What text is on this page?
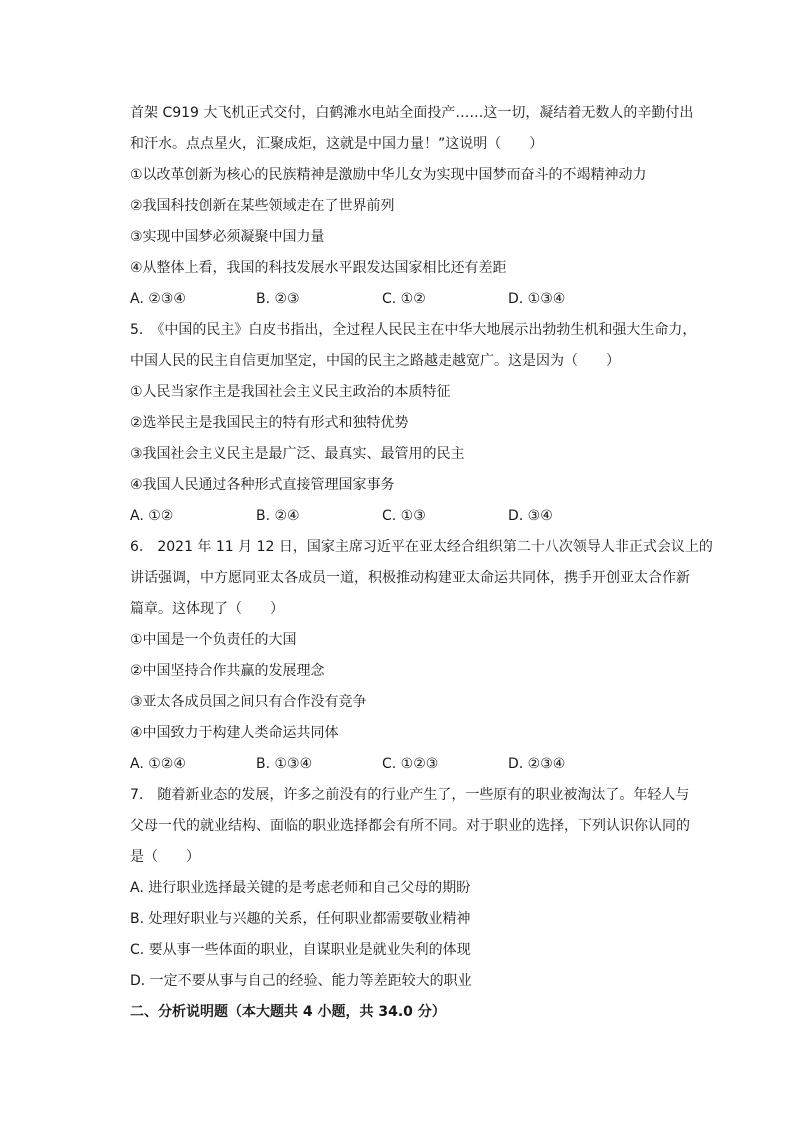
首架 C919 大飞机正式交付，白鹤滩水电站全面投产……这一切，凝结着无数人的辛勤付出
和汗水。点点星火，汇聚成炬，这就是中国力量！”这说明（　　）
①以改革创新为核心的民族精神是激励中华儿女为实现中国梦而奋斗的不竭精神动力
②我国科技创新在某些领域走在了世界前列
③实现中国梦必须凝聚中国力量
④从整体上看，我国的科技发展水平跟发达国家相比还有差距
A. ②③④	B. ②③	C. ①②	D. ①③④
5.　《中国的民主》白皮书指出，全过程人民民主在中华大地展示出勃勃生机和强大生命力，
中国人民的民主自信更加坚定，中国的民主之路越走越宽广。这是因为（　　）
①人民当家作主是我国社会主义民主政治的本质特征
②选举民主是我国民主的特有形式和独特优势
③我国社会主义民主是最广泛、最真实、最管用的民主
④我国人民通过各种形式直接管理国家事务
A. ①②	B. ②④	C. ①③	D. ③④
6.　2021 年 11 月 12 日，国家主席习近平在亚太经合组织第二十八次领导人非正式会议上的
讲话强调，中方愿同亚太各成员一道，积极推动构建亚太命运共同体，携手开创亚太合作新
篇章。这体现了（　　）
①中国是一个负责任的大国
②中国坚持合作共赢的发展理念
③亚太各成员国之间只有合作没有竞争
④中国致力于构建人类命运共同体
A. ①②④	B. ①③④	C. ①②③	D. ②③④
7.　随着新业态的发展，许多之前没有的行业产生了，一些原有的职业被淘汰了。年轻人与
父母一代的就业结构、面临的职业选择都会有所不同。对于职业的选择，下列认识你认同的
是（　　）
A. 进行职业选择最关键的是考虑老师和自己父母的期盼
B. 处理好职业与兴趣的关系，任何职业都需要敬业精神
C. 要从事一些体面的职业，自谋职业是就业失利的体现
D. 一定不要从事与自己的经验、能力等差距较大的职业
二、分析说明题（本大题共 4 小题，共 34.0 分）
